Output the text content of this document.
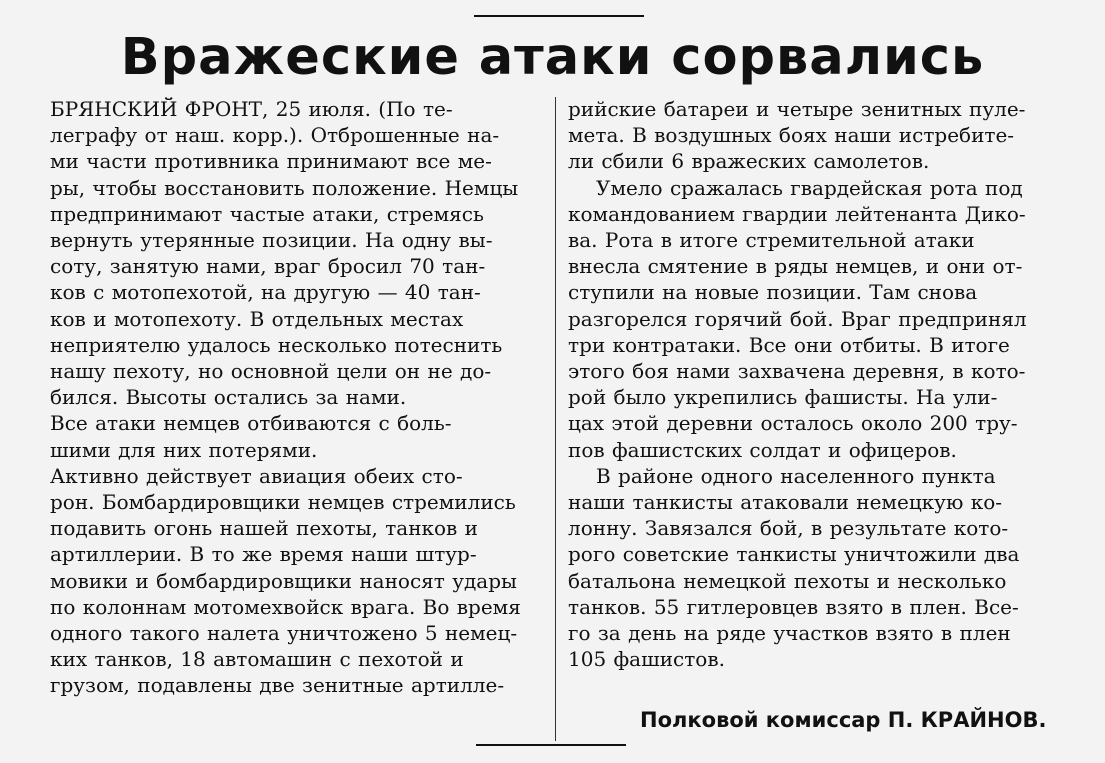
Вражеские атаки сорвались
БРЯНСКИЙ ФРОНТ, 25 июля. (По те-
леграфу от наш. корр.). Отброшенные на-
ми части противника принимают все ме-
ры, чтобы восстановить положение. Немцы
предпринимают частые атаки, стремясь
вернуть утерянные позиции. На одну вы-
соту, занятую нами, враг бросил 70 тан-
ков с мотопехотой, на другую — 40 тан-
ков и мотопехоту. В отдельных местах
неприятелю удалось несколько потеснить
нашу пехоту, но основной цели он не до-
бился. Высоты остались за нами.
Все атаки немцев отбиваются с боль-
шими для них потерями.
Активно действует авиация обеих сто-
рон. Бомбардировщики немцев стремились
подавить огонь нашей пехоты, танков и
артиллерии. В то же время наши штур-
мовики и бомбардировщики наносят удары
по колоннам мотомехвойск врага. Во время
одного такого налета уничтожено 5 немец-
ких танков, 18 автомашин с пехотой и
грузом, подавлены две зенитные артилле-
рийские батареи и четыре зенитных пуле-
мета. В воздушных боях наши истребите-
ли сбили 6 вражеских самолетов.
Умело сражалась гвардейская рота под
командованием гвардии лейтенанта Дико-
ва. Рота в итоге стремительной атаки
внесла смятение в ряды немцев, и они от-
ступили на новые позиции. Там снова
разгорелся горячий бой. Враг предпринял
три контратаки. Все они отбиты. В итоге
этого боя нами захвачена деревня, в кото-
рой было укрепились фашисты. На ули-
цах этой деревни осталось около 200 тру-
пов фашистских солдат и офицеров.
В районе одного населенного пункта
наши танкисты атаковали немецкую ко-
лонну. Завязался бой, в результате кото-
рого советские танкисты уничтожили два
батальона немецкой пехоты и несколько
танков. 55 гитлеровцев взято в плен. Все-
го за день на ряде участков взято в плен
105 фашистов.
Полковой комиссар П. КРАЙНОВ.
